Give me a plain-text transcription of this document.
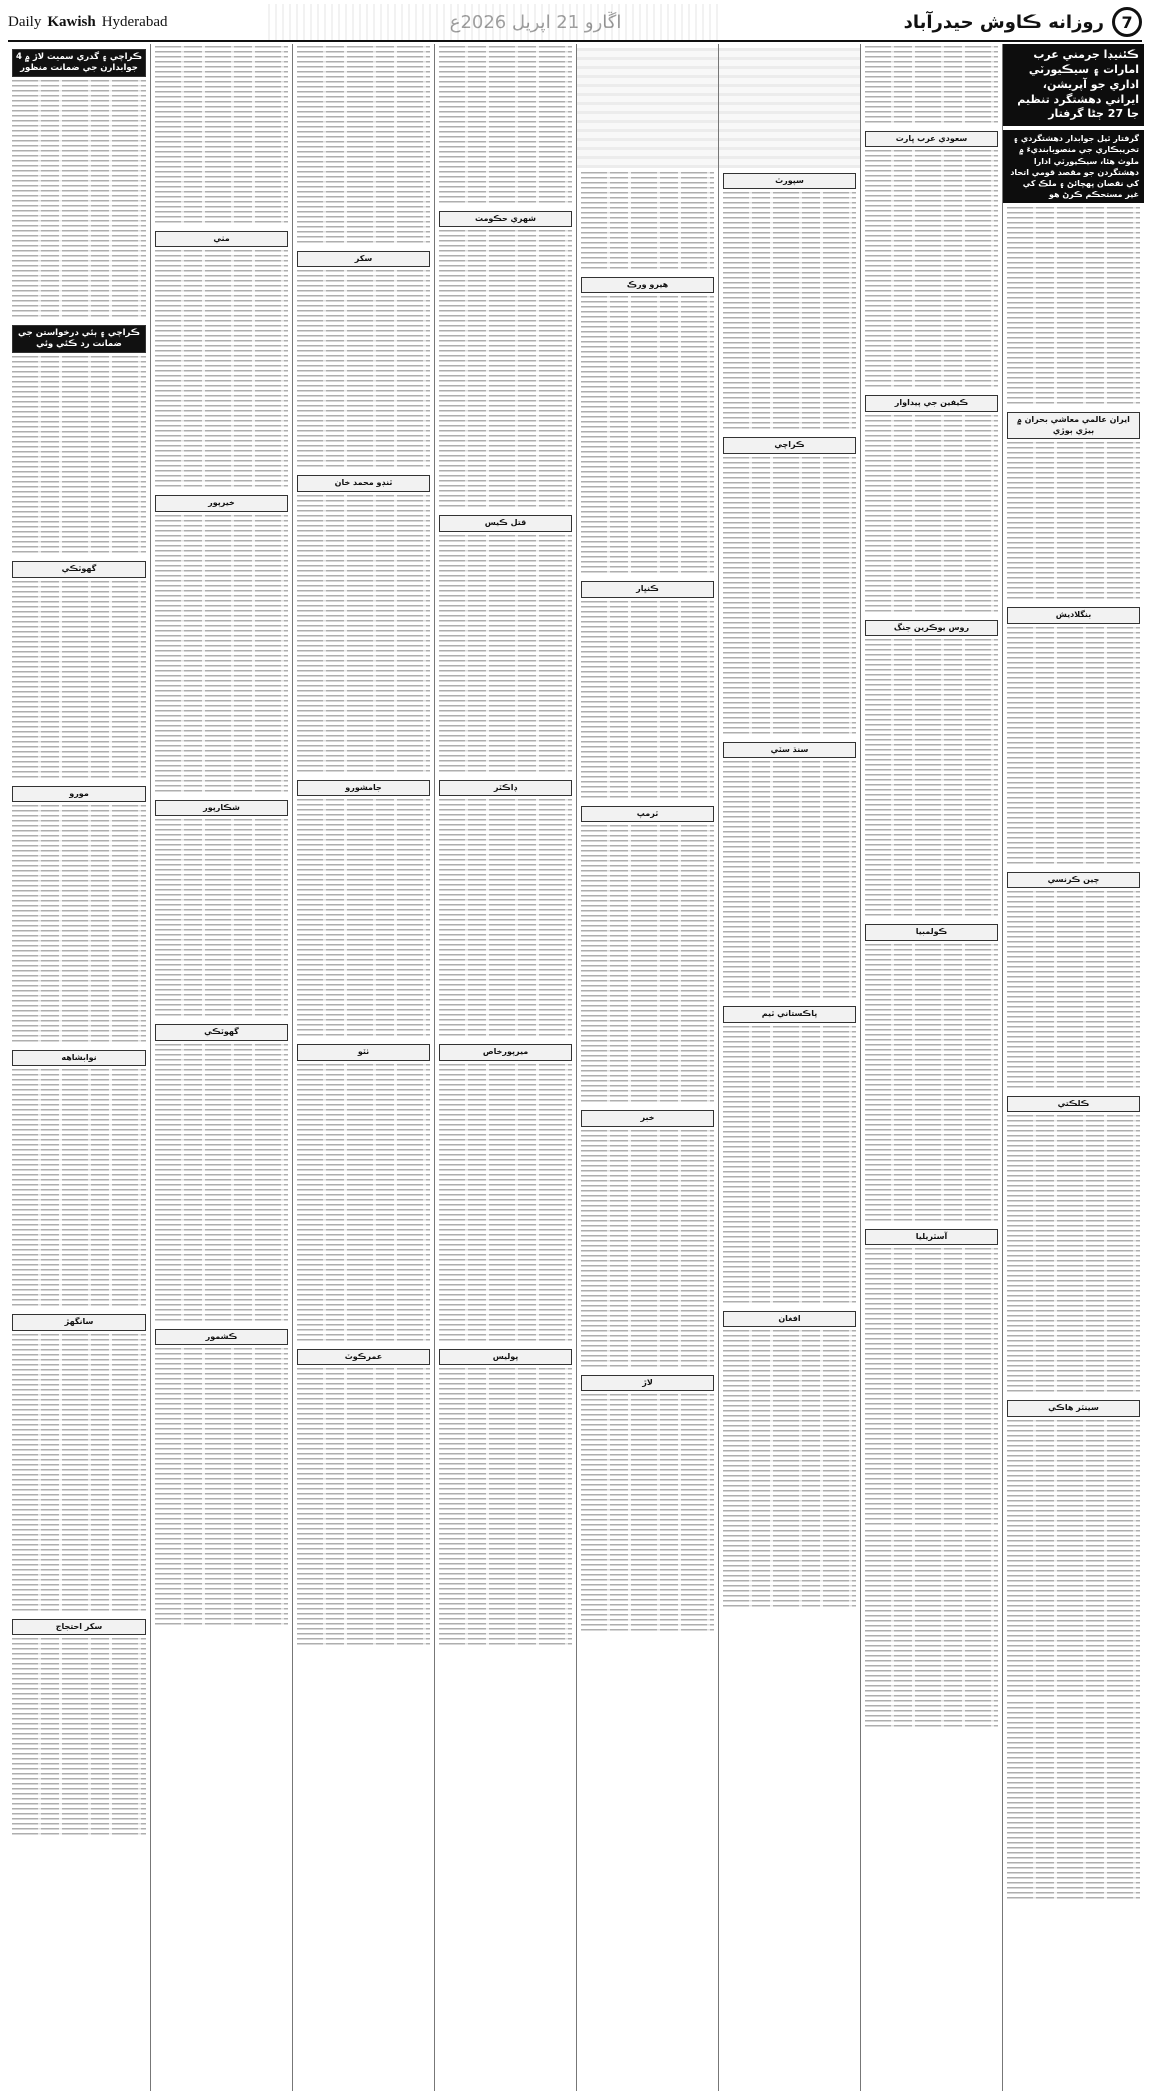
Daily Kawish Hyderabad	7
روزانه ڪاوش حيدرآباد
ڪئنيڊا جرمني عرب امارات ۽ سيڪيورٽي اداري جو آپريشن، ايراني دهشتگرد تنظيم جا 27 ڄڻا گرفتار
گرفتار ٿيل جوابدار دهشتگردي ۽ تخريبڪاري جي منصوبابنديءَ ۾ ملوث هئا، سيڪيورٽي ادارا دهشتگردن جو مقصد قومي اتحاد کي نقصان پهچائڻ ۽ ملڪ کي غير مستحڪم ڪرڻ هو
ايران عالمي معاشي بحران ۾ ٻيڙي ٻوڙي
بنگلاديش
چين ڪرنسي
ڪلڪتي
سينٽر هاڪي
سعودي عرب ڀارت
ڪيفين جي پيداوار
روس يوڪرين جنگ
ڪولمبيا
آسٽريليا
سپورٽ
ڪراچي
سنڌ سٽي
پاڪستاني ٽيم
افغان
هيرو ورڪ
ڪنڀار
ٽرمپ
خبر
لاڙ
شهري حڪومت
قتل ڪيس
ڊاڪٽر
ميرپورخاص
پوليس
سکر
ٽنڊو محمد خان
جامشورو
ٺٽو
عمرڪوٽ
مٺي
خيرپور
شڪارپور
گهوٽڪي
ڪشمور
ڪراچي ۽ گدري سميت لاڙ ۾ 4 جوابدارن جي ضمانت منظور
ڪراچي ۽ ٻئي درخواستن جي ضمانت رد ڪئي وئي
گھوٽڪي
مورو
نوابشاهه
سانگهڙ
سکر احتجاج
